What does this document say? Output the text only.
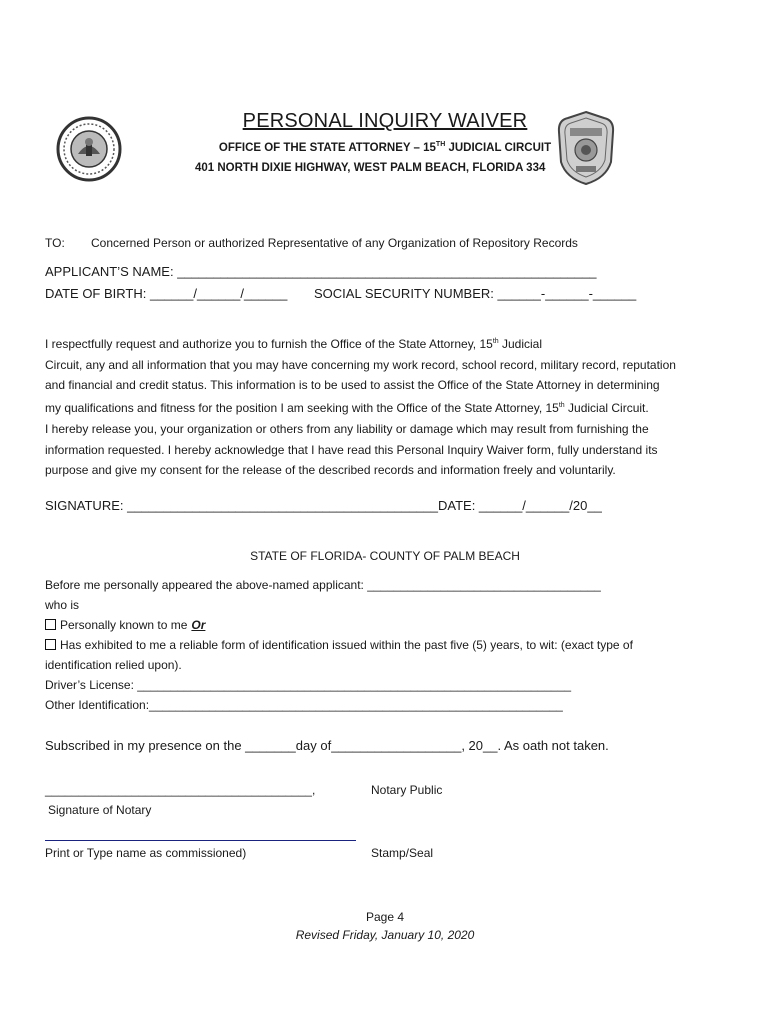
PERSONAL INQUIRY WAIVER
OFFICE OF THE STATE ATTORNEY – 15TH JUDICIAL CIRCUIT
401 NORTH DIXIE HIGHWAY, WEST PALM BEACH, FLORIDA 334
TO: Concerned Person or authorized Representative of any Organization of Repository Records
APPLICANT’S NAME: __________________________________________________________
DATE OF BIRTH: ______/______/______ SOCIAL SECURITY NUMBER: ______-______-______
I respectfully request and authorize you to furnish the Office of the State Attorney, 15th Judicial
Circuit, any and all information that you may have concerning my work record, school record, military record, reputation
and financial and credit status. This information is to be used to assist the Office of the State Attorney in determining
my qualifications and fitness for the position I am seeking with the Office of the State Attorney, 15th Judicial Circuit.
I hereby release you, your organization or others from any liability or damage which may result from furnishing the
information requested. I hereby acknowledge that I have read this Personal Inquiry Waiver form, fully understand its
purpose and give my consent for the release of the described records and information freely and voluntarily.
SIGNATURE: ___________________________________________DATE: ______/______/20__
STATE OF FLORIDA- COUNTY OF PALM BEACH
Before me personally appeared the above-named applicant: ___________________________________
who is
Personally known to me Or
Has exhibited to me a reliable form of identification issued within the past five (5) years, to wit: (exact type of
identification relied upon).
Driver’s License: _________________________________________________________________
Other Identification:______________________________________________________________
Subscribed in my presence on the _______day of__________________, 20__. As oath not taken.
________________________________________,	Notary Public
Signature of Notary
Print or Type name as commissioned)	Stamp/Seal
Page 4
Revised Friday, January 10, 2020
